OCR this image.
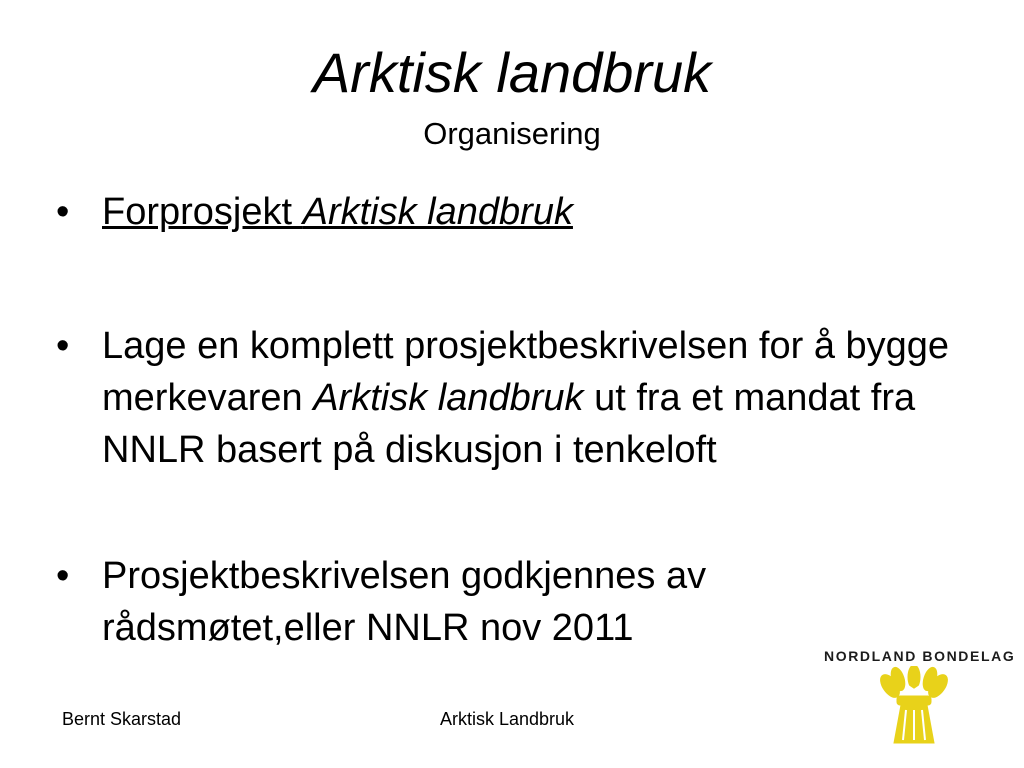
Arktisk landbruk
Organisering
• Forprosjekt Arktisk landbruk
• Lage en komplett prosjektbeskrivelsen for å bygge merkevaren Arktisk landbruk ut fra et mandat fra NNLR basert på diskusjon i tenkeloft
• Prosjektbeskrivelsen godkjennes av rådsmøtet,eller NNLR nov 2011
Bernt Skarstad	Arktisk Landbruk
NORDLAND BONDELAG
